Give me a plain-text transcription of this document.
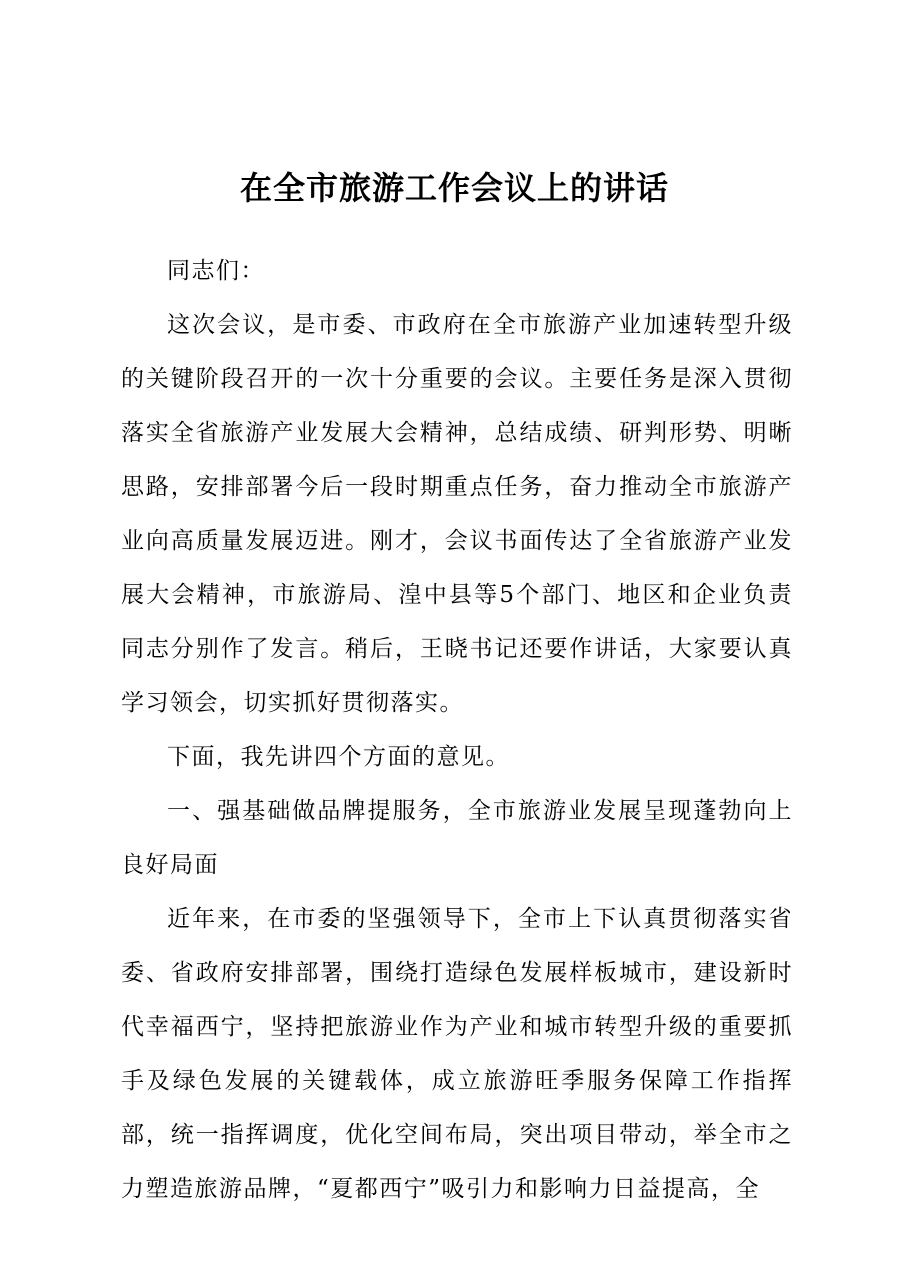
在全市旅游工作会议上的讲话

同志们：

这次会议，是市委、市政府在全市旅游产业加速转型升级的关键阶段召开的一次十分重要的会议。主要任务是深入贯彻落实全省旅游产业发展大会精神，总结成绩、研判形势、明晰思路，安排部署今后一段时期重点任务，奋力推动全市旅游产业向高质量发展迈进。刚才，会议书面传达了全省旅游产业发展大会精神，市旅游局、湟中县等5个部门、地区和企业负责同志分别作了发言。稍后，王晓书记还要作讲话，大家要认真学习领会，切实抓好贯彻落实。

下面，我先讲四个方面的意见。

一、强基础做品牌提服务，全市旅游业发展呈现蓬勃向上良好局面

近年来，在市委的坚强领导下，全市上下认真贯彻落实省委、省政府安排部署，围绕打造绿色发展样板城市，建设新时代幸福西宁，坚持把旅游业作为产业和城市转型升级的重要抓手及绿色发展的关键载体，成立旅游旺季服务保障工作指挥部，统一指挥调度，优化空间布局，突出项目带动，举全市之力塑造旅游品牌，“夏都西宁”吸引力和影响力日益提高，全
